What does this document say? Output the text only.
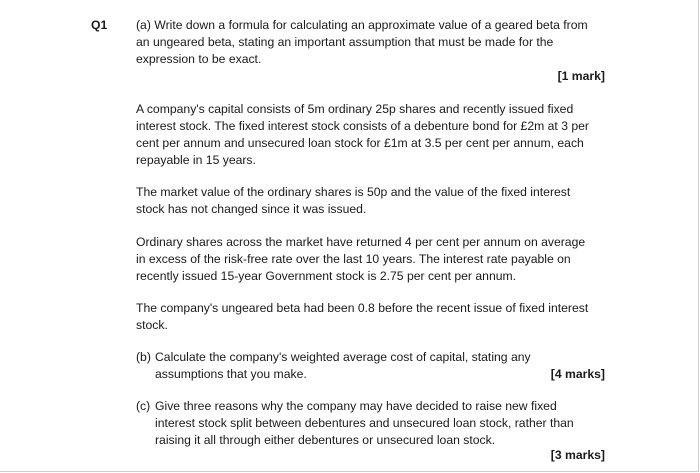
Q1 (a) Write down a formula for calculating an approximate value of a geared beta from
an ungeared beta, stating an important assumption that must be made for the
expression to be exact.
[1 mark]
A company's capital consists of 5m ordinary 25p shares and recently issued fixed
interest stock. The fixed interest stock consists of a debenture bond for £2m at 3 per
cent per annum and unsecured loan stock for £1m at 3.5 per cent per annum, each
repayable in 15 years.
The market value of the ordinary shares is 50p and the value of the fixed interest
stock has not changed since it was issued.
Ordinary shares across the market have returned 4 per cent per annum on average
in excess of the risk-free rate over the last 10 years. The interest rate payable on
recently issued 15-year Government stock is 2.75 per cent per annum.
The company's ungeared beta had been 0.8 before the recent issue of fixed interest
stock.
(b) Calculate the company's weighted average cost of capital, stating any
assumptions that you make.	[4 marks]
(c) Give three reasons why the company may have decided to raise new fixed
interest stock split between debentures and unsecured loan stock, rather than
raising it all through either debentures or unsecured loan stock.
[3 marks]
